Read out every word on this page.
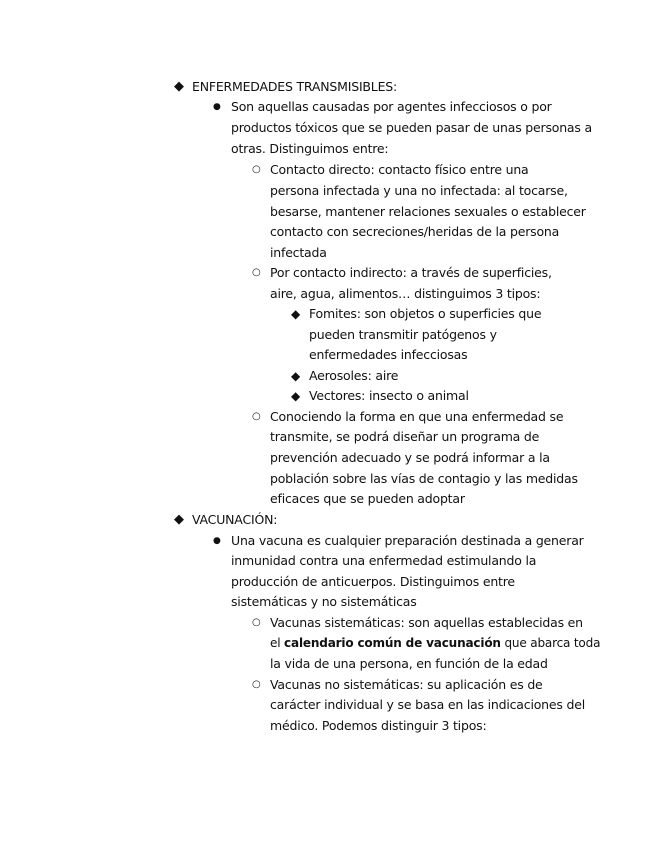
◆ ENFERMEDADES TRANSMISIBLES:
● Son aquellas causadas por agentes infecciosos o por
productos tóxicos que se pueden pasar de unas personas a
otras. Distinguimos entre:
○ Contacto directo: contacto físico entre una
persona infectada y una no infectada: al tocarse,
besarse, mantener relaciones sexuales o establecer
contacto con secreciones/heridas de la persona
infectada
○ Por contacto indirecto: a través de superficies,
aire, agua, alimentos… distinguimos 3 tipos:
◆ Fomites: son objetos o superficies que
pueden transmitir patógenos y
enfermedades infecciosas
◆ Aerosoles: aire
◆ Vectores: insecto o animal
○ Conociendo la forma en que una enfermedad se
transmite, se podrá diseñar un programa de
prevención adecuado y se podrá informar a la
población sobre las vías de contagio y las medidas
eficaces que se pueden adoptar
◆ VACUNACIÓN:
● Una vacuna es cualquier preparación destinada a generar
inmunidad contra una enfermedad estimulando la
producción de anticuerpos. Distinguimos entre
sistemáticas y no sistemáticas
○ Vacunas sistemáticas: son aquellas establecidas en
el calendario común de vacunación que abarca toda
la vida de una persona, en función de la edad
○ Vacunas no sistemáticas: su aplicación es de
carácter individual y se basa en las indicaciones del
médico. Podemos distinguir 3 tipos:
